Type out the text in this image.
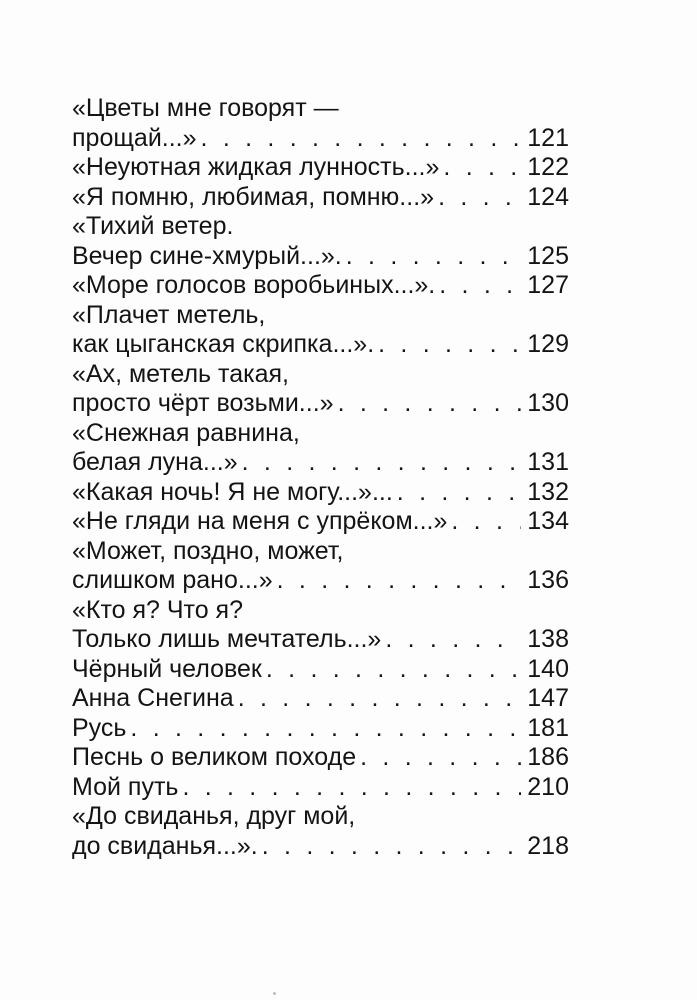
«Цветы мне говорят —
прощай...» . . .	121
«Неуютная жидкая лунность...» . . .	122
«Я помню, любимая, помню...» . . .	124
«Тихий ветер.
Вечер сине-хмурый...». . . .	125
«Море голосов воробьиных...». . . .	127
«Плачет метель,
как цыганская скрипка...». . . .	129
«Ах, метель такая,
просто чёрт возьми...» . . .	130
«Снежная равнина,
белая луна...» . . .	131
«Какая ночь! Я не могу...»... . . .	132
«Не гляди на меня с упрёком...» . . .	134
«Может, поздно, может,
слишком рано...» . . .	136
«Кто я? Что я?
Только лишь мечтатель...» . . .	138
Чёрный человек . . .	140
Анна Снегина . . .	147
Русь . . .	181
Песнь о великом походе . . .	186
Мой путь . . .	210
«До свиданья, друг мой,
до свиданья...». . . .	218
